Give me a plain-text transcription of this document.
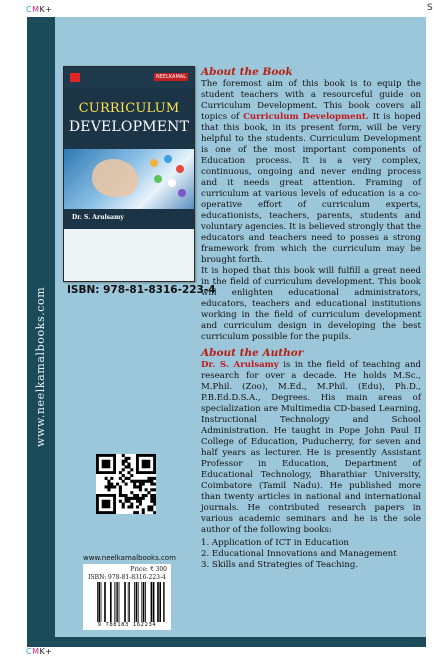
CMK+
CMK+
S
www.neelkamalbooks.com
NEELKAMAL
CURRICULUM
DEVELOPMENT
Dr. S. Arulsamy
ISBN: 978-81-8316-223-4
www.neelkamalbooks.com
Price: ₹ 300
ISBN: 978-81-8316-223-4
9 788183 162234

About the Book

The foremost aim of this book is to equip the student teachers with a resourceful guide on Curriculum Development. This book covers all topics of Curriculum Development. It is hoped that this book, in its present form, will be very helpful to the students. Curriculum Development is one of the most important components of Education process. It is a very complex, continuous, ongoing and never ending process and it needs great attention. Framing of curriculum at various levels of education is a co-operative effort of curriculum experts, educationists, teachers, parents, students and voluntary agencies. It is believed strongly that the educators and teachers need to posses a strong framework from which the curriculum may be brought forth.

It is hoped that this book will fulfill a great need in the field of curriculum development. This book will enlighten educational administrators, educators, teachers and educational institutions working in the field of curriculum development and curriculum design in developing the best curriculum possible for the pupils.

About the Author

Dr. S. Arulsamy is in the field of teaching and research for over a decade. He holds M.Sc., M.Phil. (Zoo), M.Ed., M.Phil. (Edu), Ph.D., P.B.Ed.D.S.A., Degrees. His main areas of specialization are Multimedia CD-based Learning, Instructional Technology and School Administration. He taught in Pope John Paul II College of Education, Puducherry, for seven and half years as lecturer. He is presently Assistant Professor in Education, Department of Educational Technology, Bharathiar University, Coimbatore (Tamil Nadu). He published more than twenty articles in national and international journals. He contributed research papers in various academic seminars and he is the sole author of the following books:

1. Application of ICT in Education
2. Educational Innovations and Management
3. Skills and Strategies of Teaching.
